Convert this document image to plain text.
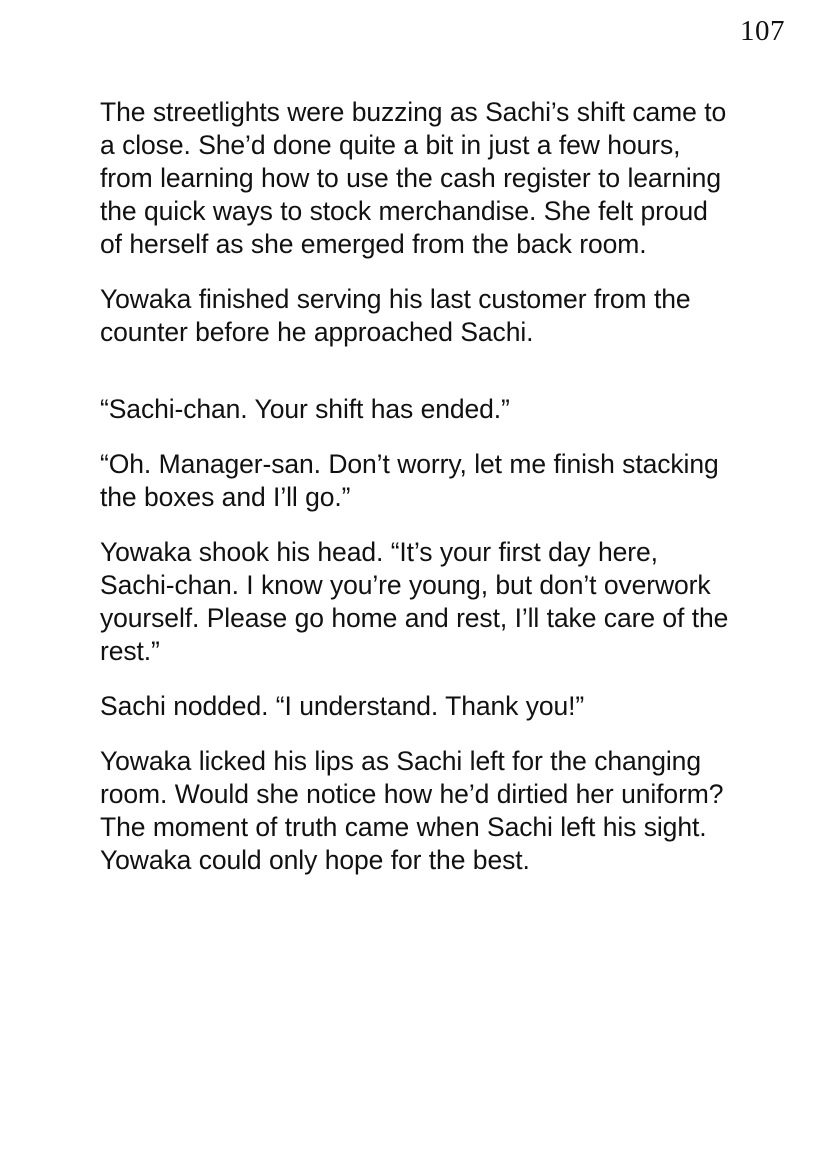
107

The streetlights were buzzing as Sachi’s shift came to a close. She’d done quite a bit in just a few hours, from learning how to use the cash register to learning the quick ways to stock merchandise. She felt proud of herself as she emerged from the back room.

Yowaka finished serving his last customer from the counter before he approached Sachi.

“Sachi-chan. Your shift has ended.”

“Oh. Manager-san. Don’t worry, let me finish stacking the boxes and I’ll go.”

Yowaka shook his head. “It’s your first day here, Sachi-chan. I know you’re young, but don’t overwork yourself. Please go home and rest, I’ll take care of the rest.”

Sachi nodded. “I understand. Thank you!”

Yowaka licked his lips as Sachi left for the changing room. Would she notice how he’d dirtied her uniform? The moment of truth came when Sachi left his sight. Yowaka could only hope for the best.
